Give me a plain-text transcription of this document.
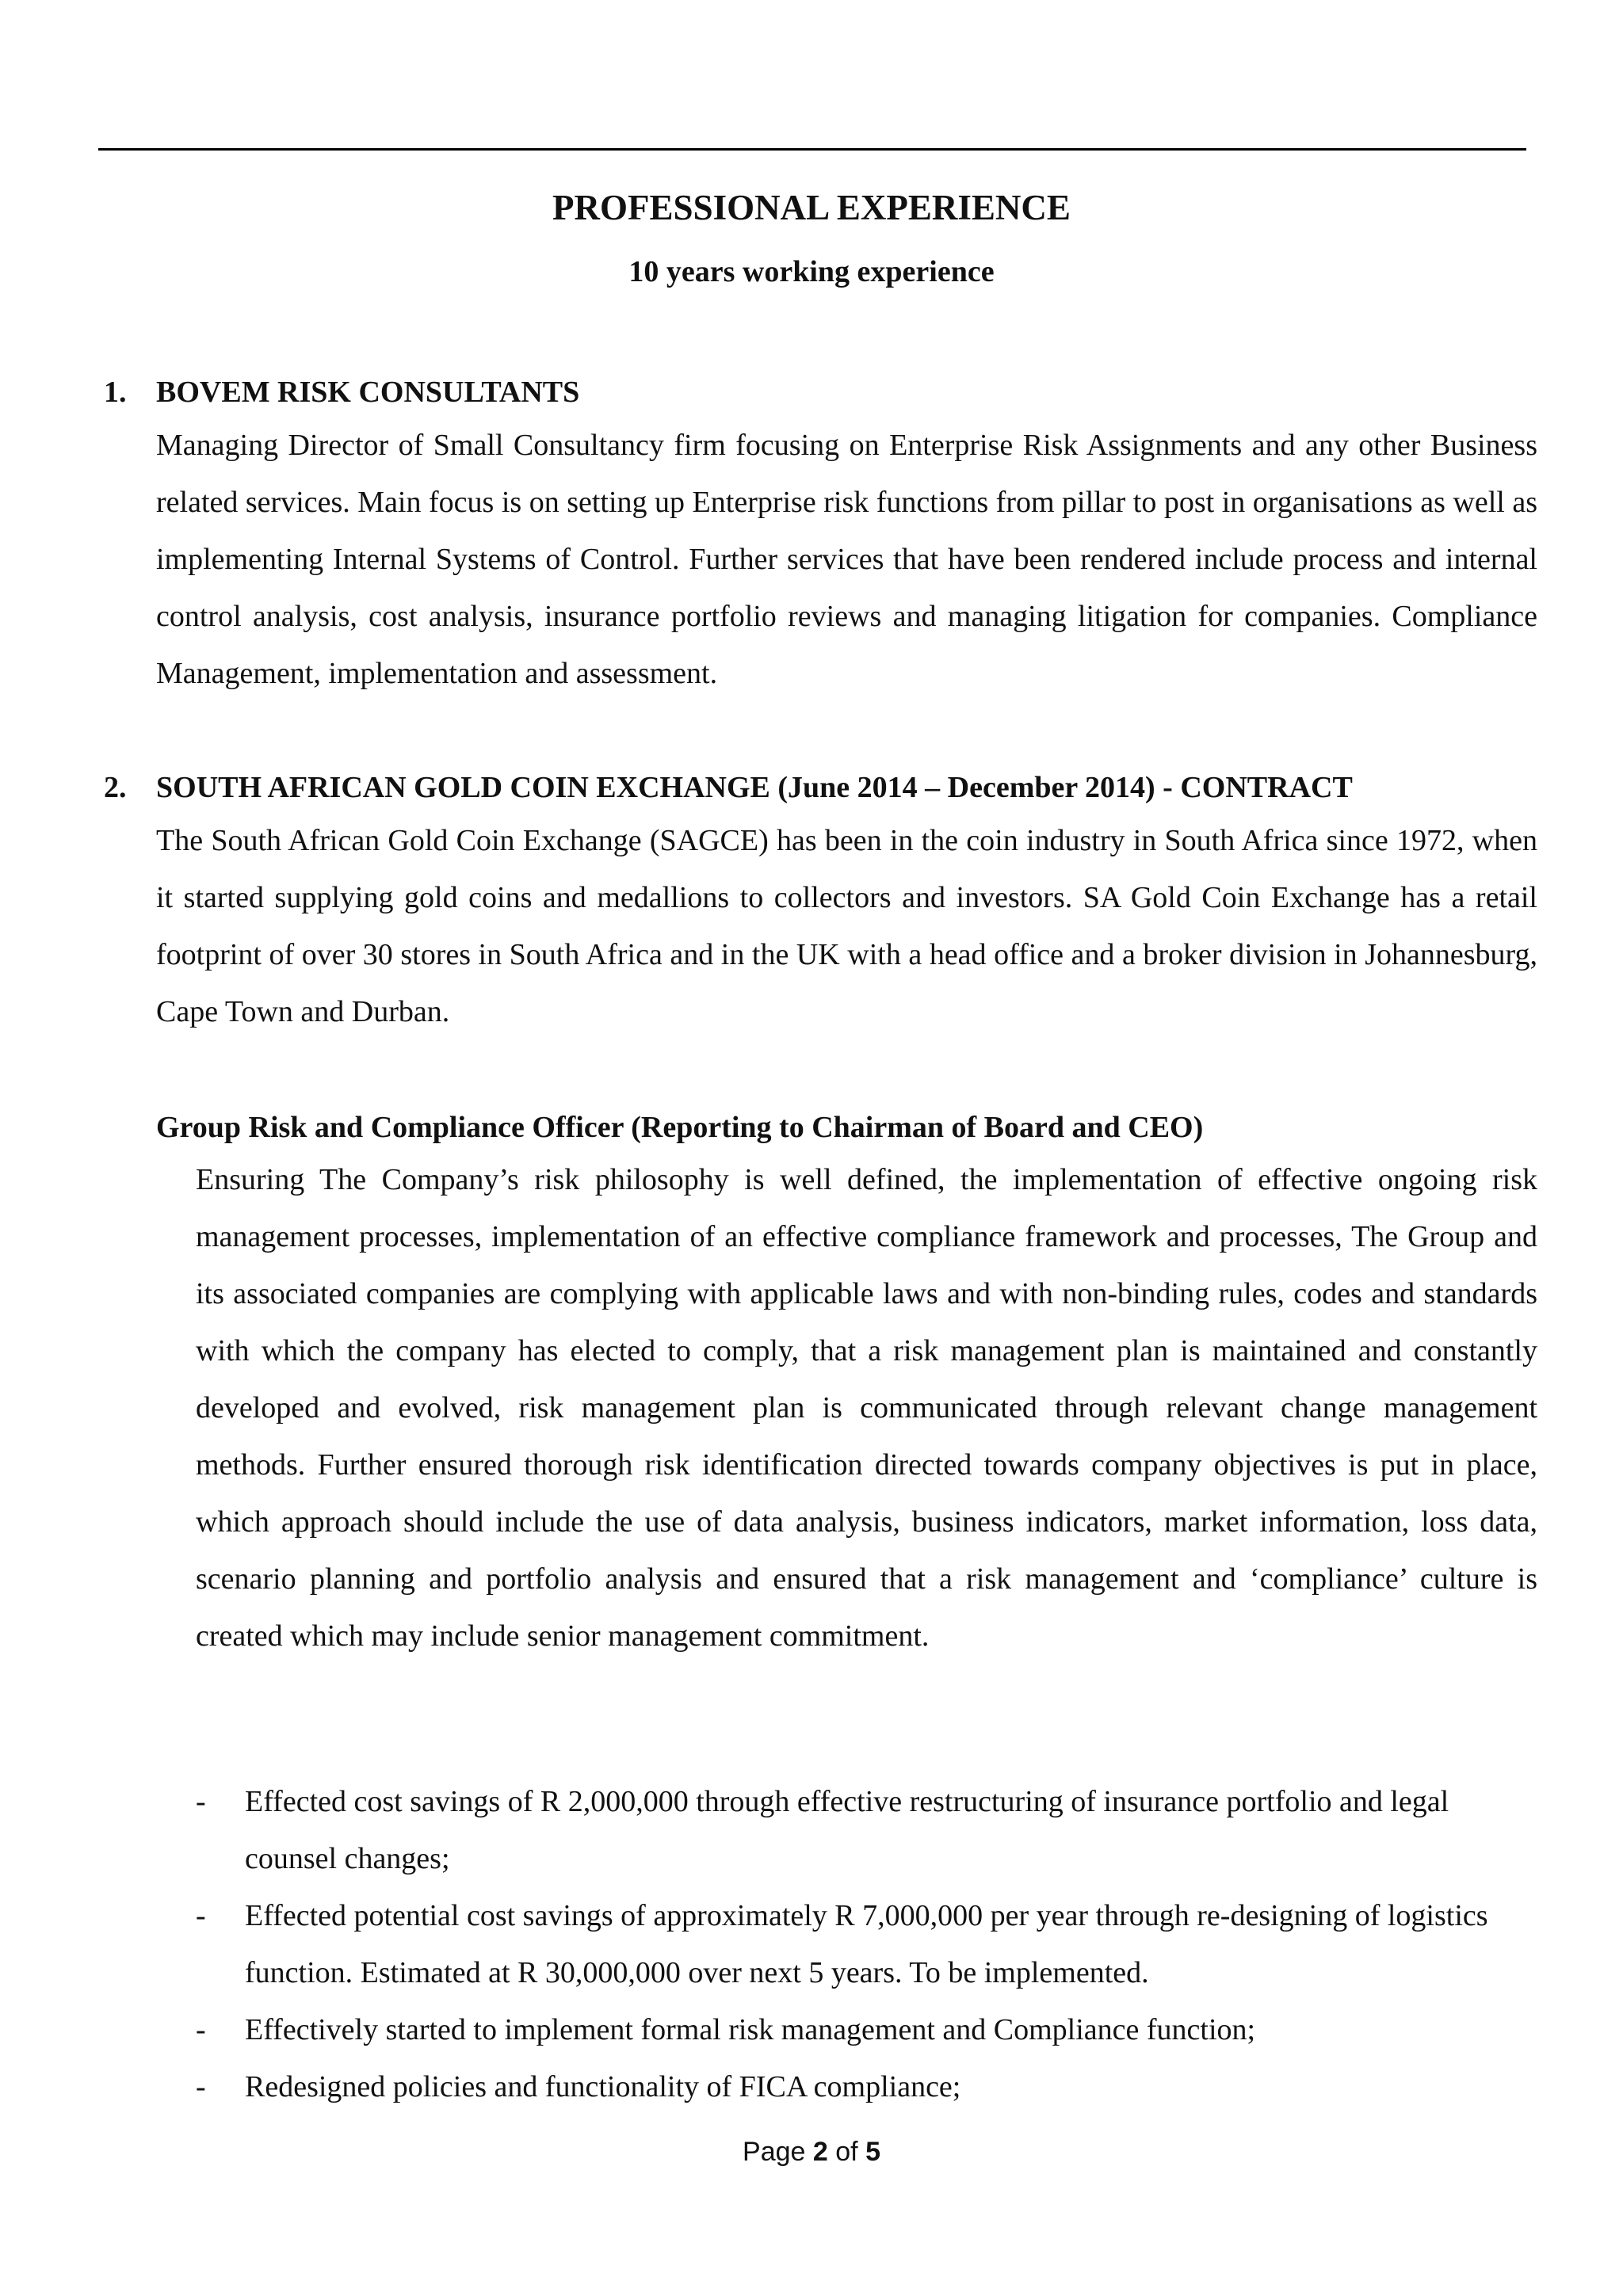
PROFESSIONAL EXPERIENCE
10 years working experience
1. BOVEM RISK CONSULTANTS

Managing Director of Small Consultancy firm focusing on Enterprise Risk Assignments and any other Business related services. Main focus is on setting up Enterprise risk functions from pillar to post in organisations as well as implementing Internal Systems of Control. Further services that have been rendered include process and internal control analysis, cost analysis, insurance portfolio reviews and managing litigation for companies. Compliance Management, implementation and assessment.

2. SOUTH AFRICAN GOLD COIN EXCHANGE (June 2014 – December 2014) - CONTRACT

The South African Gold Coin Exchange (SAGCE) has been in the coin industry in South Africa since 1972, when it started supplying gold coins and medallions to collectors and investors. SA Gold Coin Exchange has a retail footprint of over 30 stores in South Africa and in the UK with a head office and a broker division in Johannesburg, Cape Town and Durban.

Group Risk and Compliance Officer (Reporting to Chairman of Board and CEO)

Ensuring The Company’s risk philosophy is well defined, the implementation of effective ongoing risk management processes, implementation of an effective compliance framework and processes, The Group and its associated companies are complying with applicable laws and with non-binding rules, codes and standards with which the company has elected to comply, that a risk management plan is maintained and constantly developed and evolved, risk management plan is communicated through relevant change management methods. Further ensured thorough risk identification directed towards company objectives is put in place, which approach should include the use of data analysis, business indicators, market information, loss data, scenario planning and portfolio analysis and ensured that a risk management and ‘compliance’ culture is created which may include senior management commitment.

- Effected cost savings of R 2,000,000 through effective restructuring of insurance portfolio and legal counsel changes;
- Effected potential cost savings of approximately R 7,000,000 per year through re-designing of logistics function. Estimated at R 30,000,000 over next 5 years. To be implemented.
- Effectively started to implement formal risk management and Compliance function;
- Redesigned policies and functionality of FICA compliance;
Page 2 of 5
